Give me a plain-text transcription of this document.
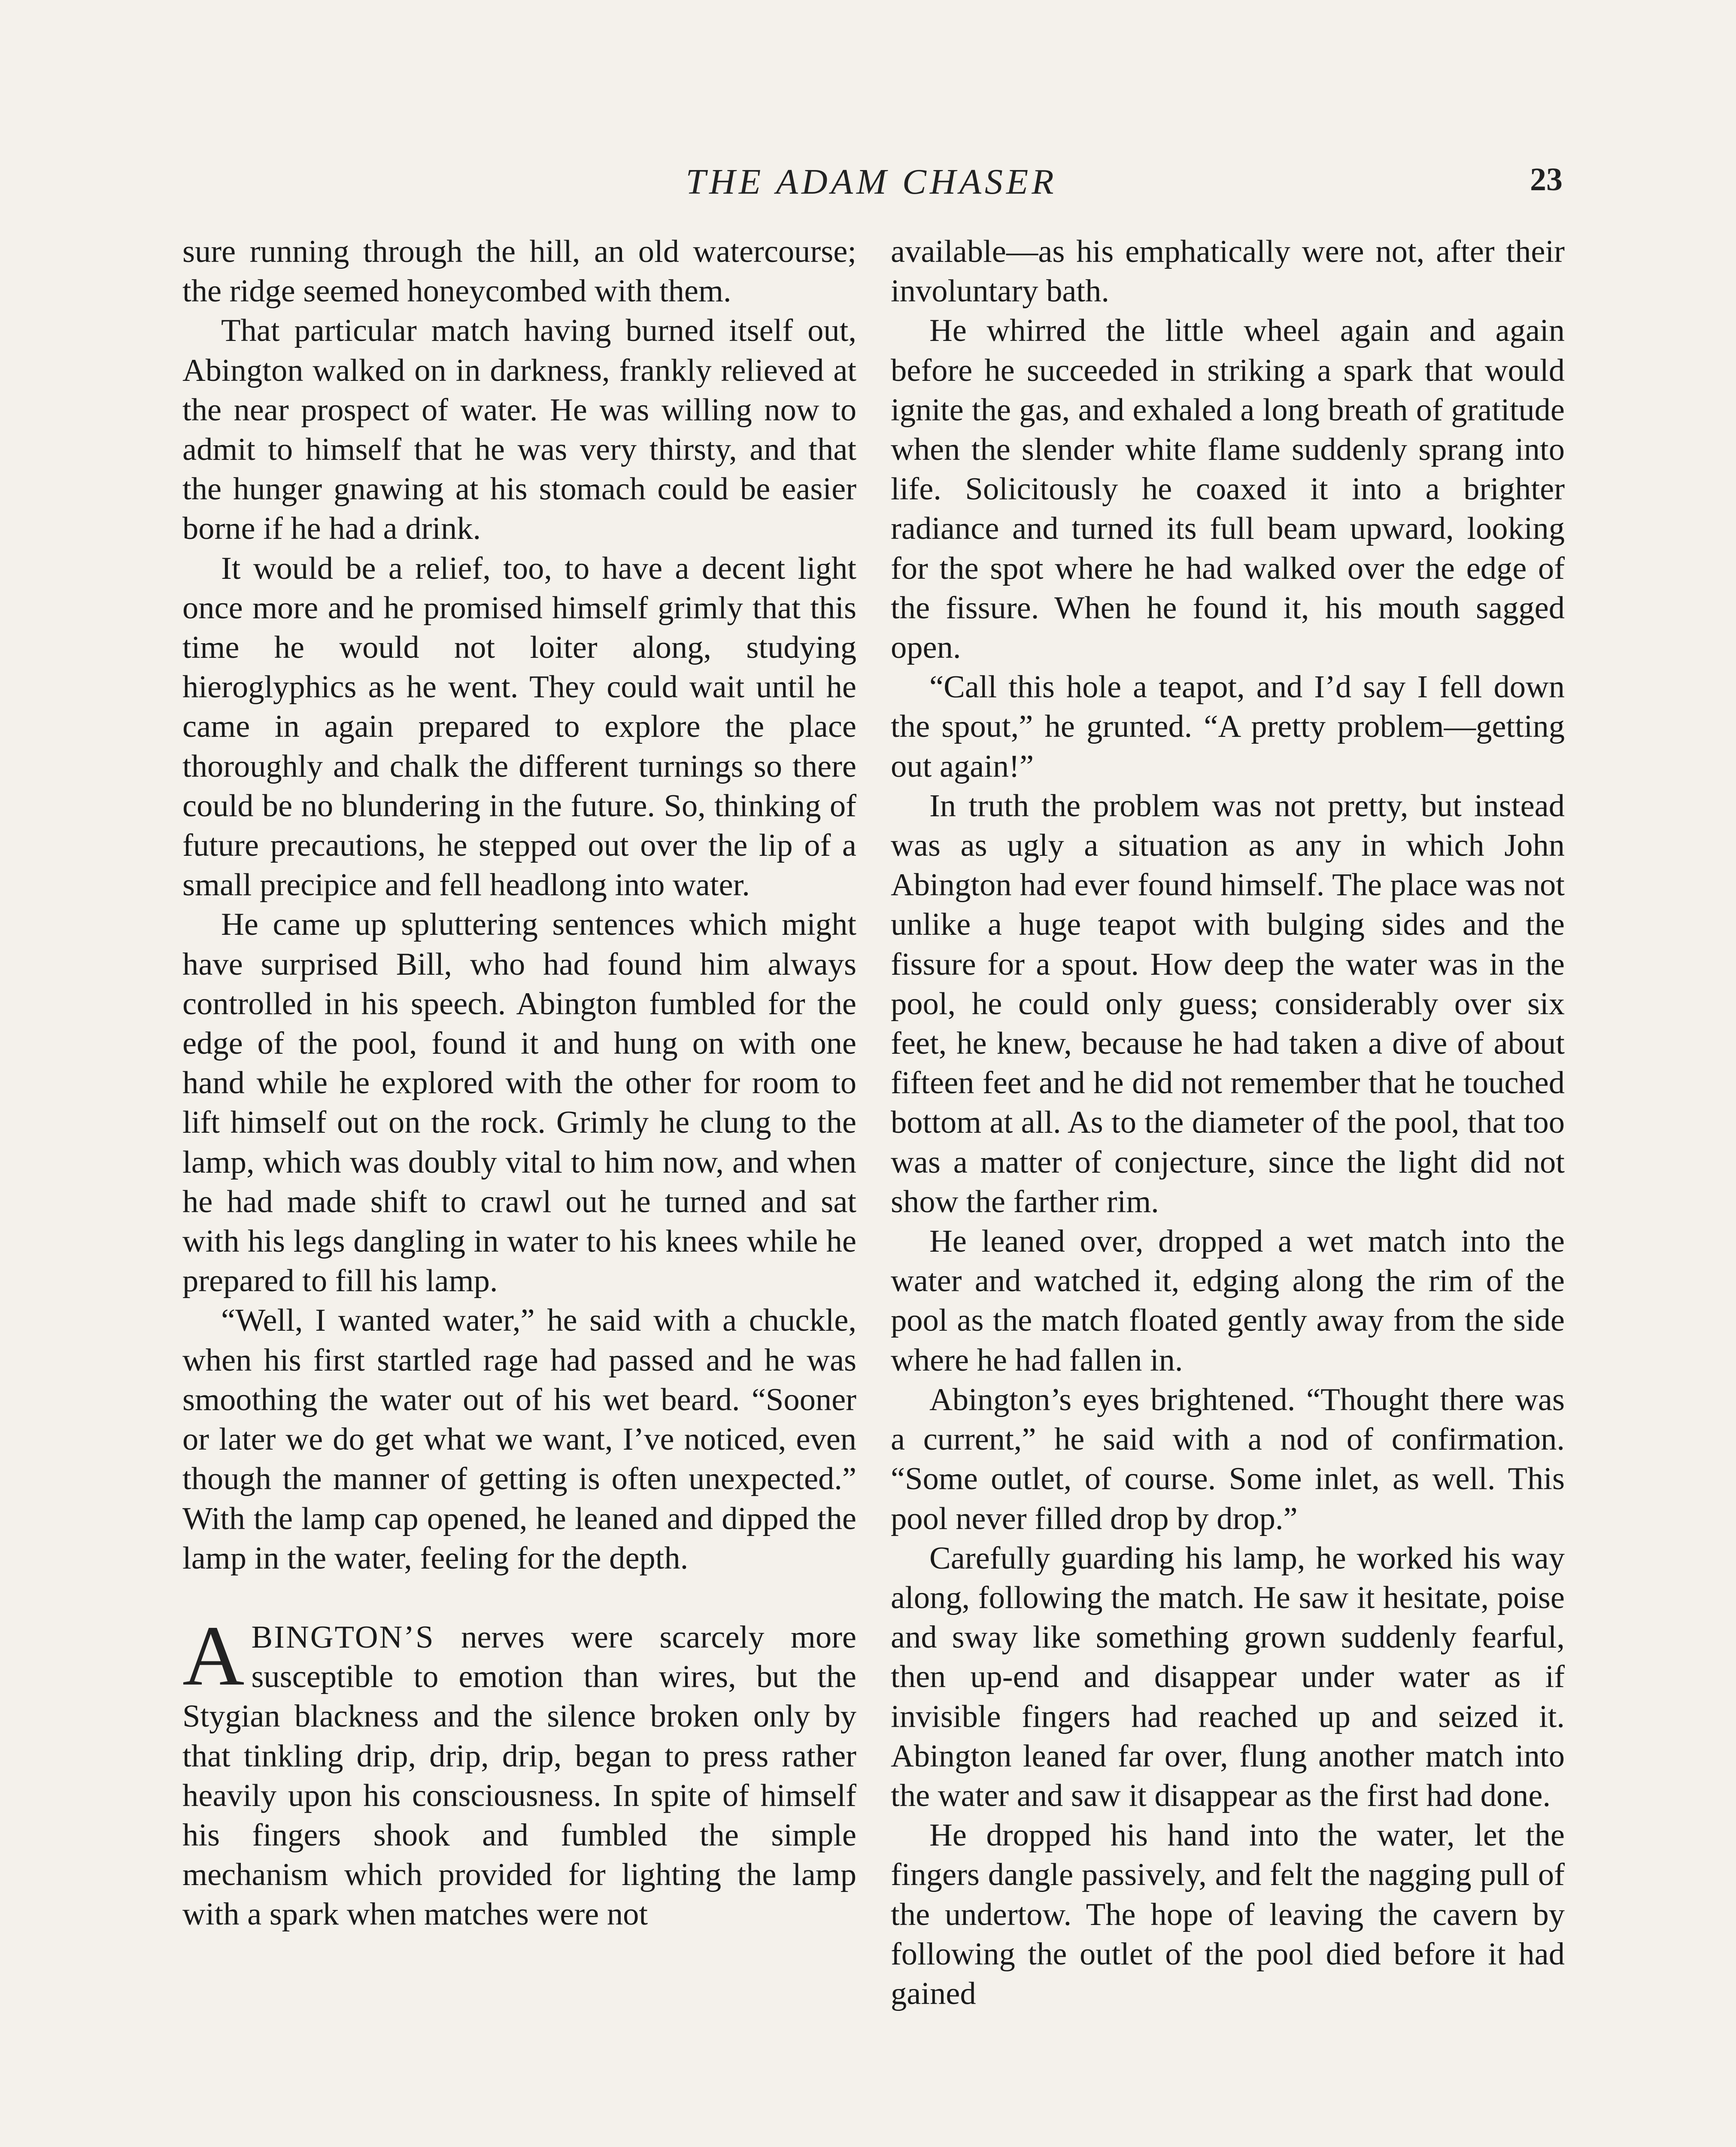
THE ADAM CHASER	23

sure running through the hill, an old watercourse; the ridge seemed honeycombed with them.

That particular match having burned itself out, Abington walked on in darkness, frankly relieved at the near prospect of water. He was willing now to admit to himself that he was very thirsty, and that the hunger gnawing at his stomach could be easier borne if he had a drink.

It would be a relief, too, to have a decent light once more and he promised himself grimly that this time he would not loiter along, studying hieroglyphics as he went. They could wait until he came in again prepared to explore the place thoroughly and chalk the different turnings so there could be no blundering in the future. So, thinking of future precautions, he stepped out over the lip of a small precipice and fell headlong into water.

He came up spluttering sentences which might have surprised Bill, who had found him always controlled in his speech. Abington fumbled for the edge of the pool, found it and hung on with one hand while he explored with the other for room to lift himself out on the rock. Grimly he clung to the lamp, which was doubly vital to him now, and when he had made shift to crawl out he turned and sat with his legs dangling in water to his knees while he prepared to fill his lamp.

“Well, I wanted water,” he said with a chuckle, when his first startled rage had passed and he was smoothing the water out of his wet beard. “Sooner or later we do get what we want, I’ve noticed, even though the manner of getting is often unexpected.” With the lamp cap opened, he leaned and dipped the lamp in the water, feeling for the depth.

ABINGTON’S nerves were scarcely more susceptible to emotion than wires, but the Stygian blackness and the silence broken only by that tinkling drip, drip, drip, began to press rather heavily upon his consciousness. In spite of himself his fingers shook and fumbled the simple mechanism which provided for lighting the lamp with a spark when matches were not

available—as his emphatically were not, after their involuntary bath.

He whirred the little wheel again and again before he succeeded in striking a spark that would ignite the gas, and exhaled a long breath of gratitude when the slender white flame suddenly sprang into life. Solicitously he coaxed it into a brighter radiance and turned its full beam upward, looking for the spot where he had walked over the edge of the fissure. When he found it, his mouth sagged open.

“Call this hole a teapot, and I’d say I fell down the spout,” he grunted. “A pretty problem—getting out again!”

In truth the problem was not pretty, but instead was as ugly a situation as any in which John Abington had ever found himself. The place was not unlike a huge teapot with bulging sides and the fissure for a spout. How deep the water was in the pool, he could only guess; considerably over six feet, he knew, because he had taken a dive of about fifteen feet and he did not remember that he touched bottom at all. As to the diameter of the pool, that too was a matter of conjecture, since the light did not show the farther rim.

He leaned over, dropped a wet match into the water and watched it, edging along the rim of the pool as the match floated gently away from the side where he had fallen in.

Abington’s eyes brightened. “Thought there was a current,” he said with a nod of confirmation. “Some outlet, of course. Some inlet, as well. This pool never filled drop by drop.”

Carefully guarding his lamp, he worked his way along, following the match. He saw it hesitate, poise and sway like something grown suddenly fearful, then up-end and disappear under water as if invisible fingers had reached up and seized it. Abington leaned far over, flung another match into the water and saw it disappear as the first had done.

He dropped his hand into the water, let the fingers dangle passively, and felt the nagging pull of the undertow. The hope of leaving the cavern by following the outlet of the pool died before it had gained
